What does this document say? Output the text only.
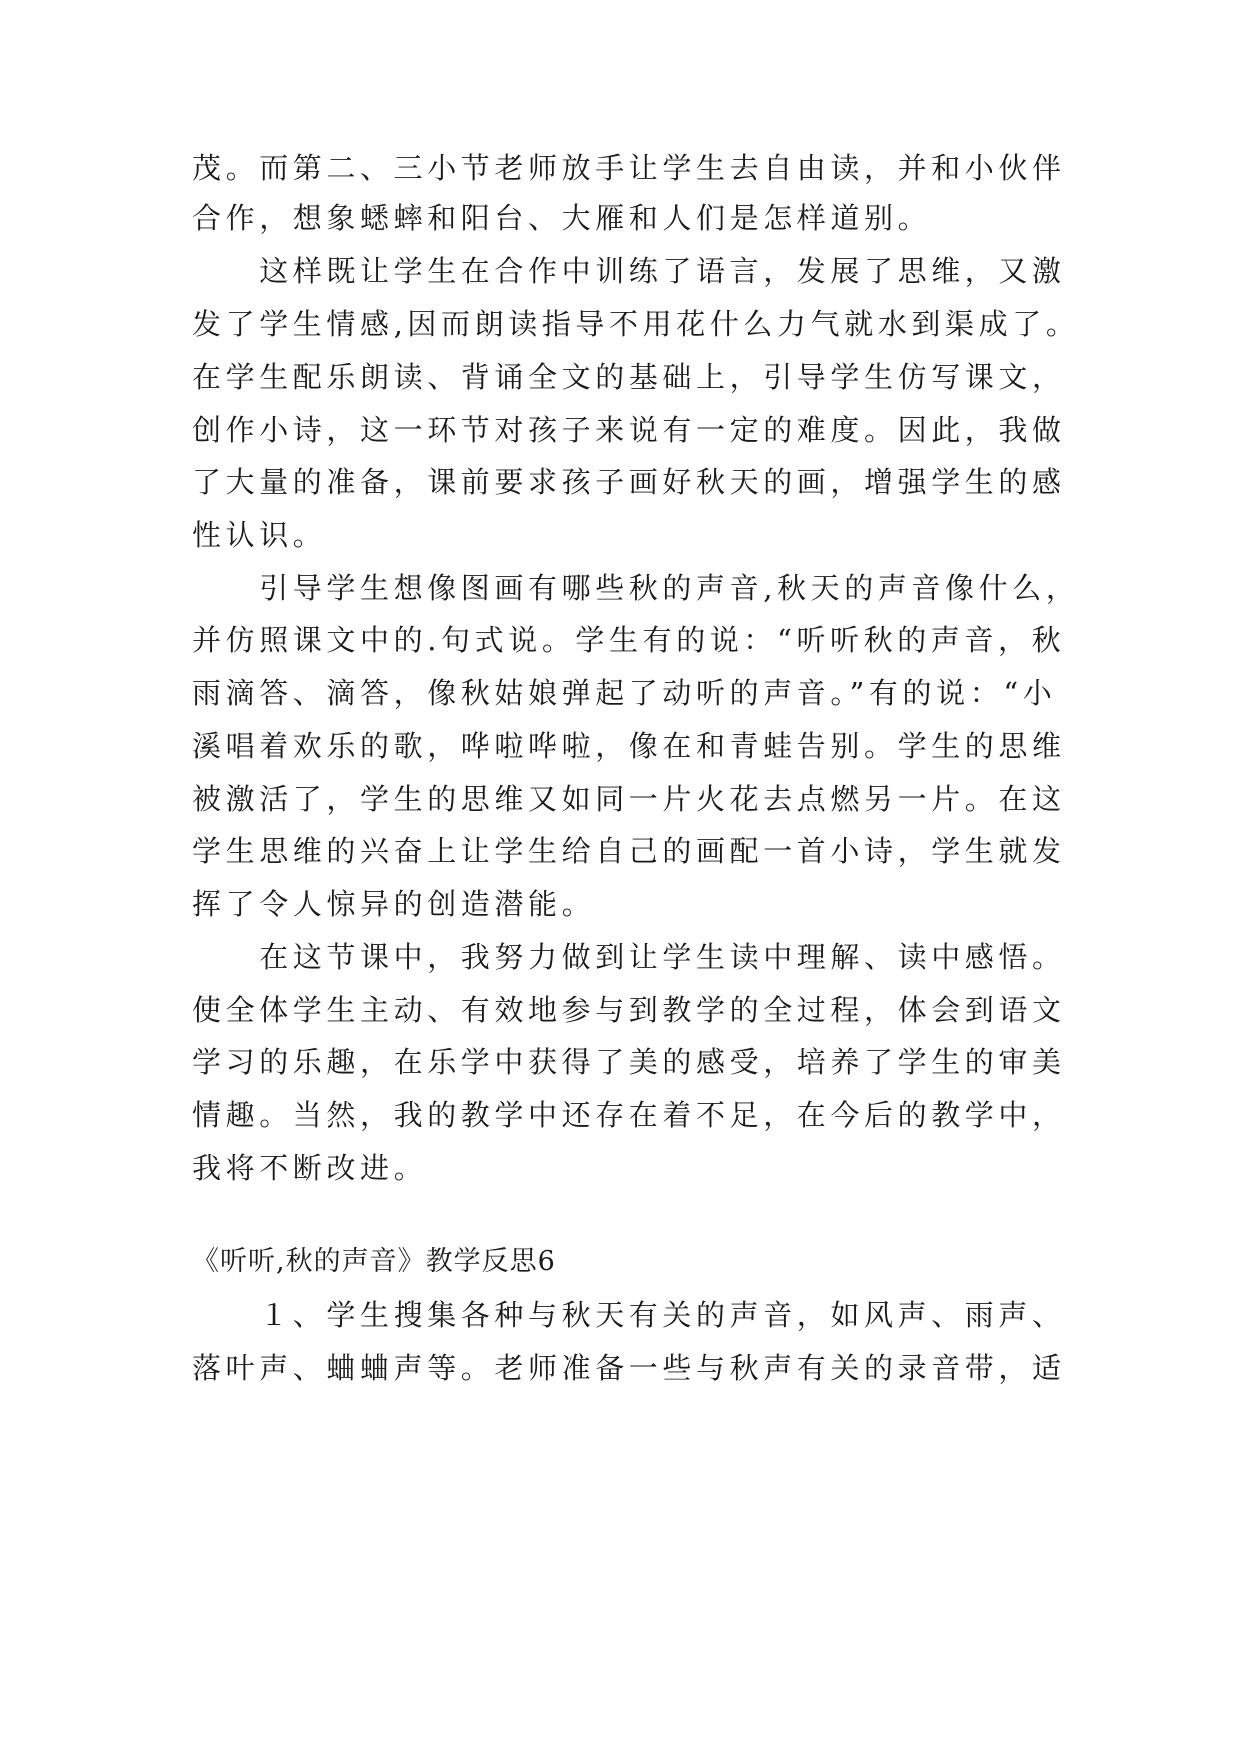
茂。而第二、三小节老师放手让学生去自由读，并和小伙伴
合作，想象蟋蟀和阳台、大雁和人们是怎样道别。
　　这样既让学生在合作中训练了语言，发展了思维，又激
发了学生情感,因而朗读指导不用花什么力气就水到渠成了。
在学生配乐朗读、背诵全文的基础上，引导学生仿写课文，
创作小诗，这一环节对孩子来说有一定的难度。因此，我做
了大量的准备，课前要求孩子画好秋天的画，增强学生的感
性认识。
　　引导学生想像图画有哪些秋的声音,秋天的声音像什么，
并仿照课文中的.句式说。学生有的说：“听听秋的声音，秋
雨滴答、滴答，像秋姑娘弹起了动听的声音。”有的说：“小
溪唱着欢乐的歌，哗啦哗啦，像在和青蛙告别。学生的思维
被激活了，学生的思维又如同一片火花去点燃另一片。在这
学生思维的兴奋上让学生给自己的画配一首小诗，学生就发
挥了令人惊异的创造潜能。
　　在这节课中，我努力做到让学生读中理解、读中感悟。
使全体学生主动、有效地参与到教学的全过程，体会到语文
学习的乐趣，在乐学中获得了美的感受，培养了学生的审美
情趣。当然，我的教学中还存在着不足，在今后的教学中，
我将不断改进。
《听听,秋的声音》教学反思6
　　１、学生搜集各种与秋天有关的声音，如风声、雨声、
落叶声、蛐蛐声等。老师准备一些与秋声有关的录音带，适
